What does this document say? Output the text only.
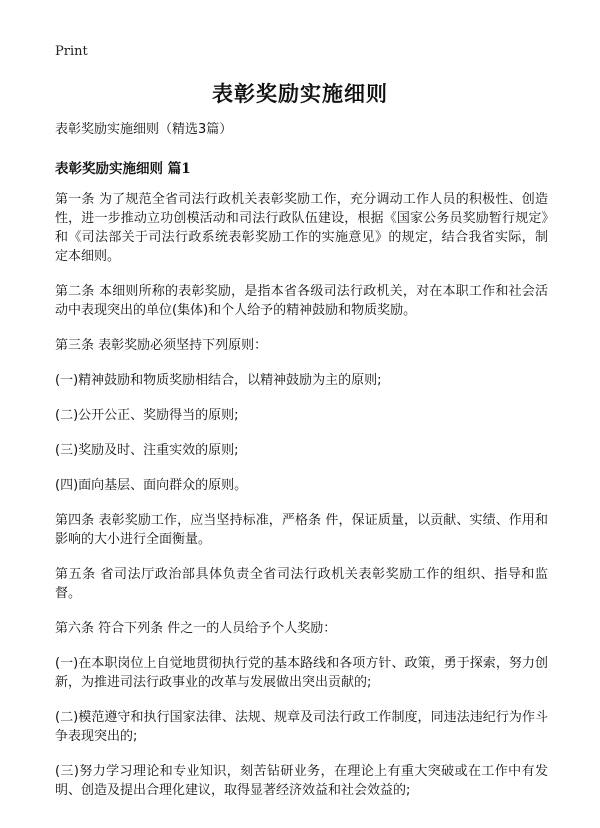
Print
表彰奖励实施细则

表彰奖励实施细则（精选3篇）

表彰奖励实施细则 篇1

第一条 为了规范全省司法行政机关表彰奖励工作，充分调动工作人员的积极性、创造性，进一步推动立功创模活动和司法行政队伍建设，根据《国家公务员奖励暂行规定》和《司法部关于司法行政系统表彰奖励工作的实施意见》的规定，结合我省实际，制定本细则。

第二条 本细则所称的表彰奖励，是指本省各级司法行政机关，对在本职工作和社会活动中表现突出的单位(集体)和个人给予的精神鼓励和物质奖励。

第三条 表彰奖励必须坚持下列原则：

(一)精神鼓励和物质奖励相结合，以精神鼓励为主的原则;

(二)公开公正、奖励得当的原则;

(三)奖励及时、注重实效的原则;

(四)面向基层、面向群众的原则。

第四条 表彰奖励工作，应当坚持标准，严格条 件，保证质量，以贡献、实绩、作用和影响的大小进行全面衡量。

第五条 省司法厅政治部具体负责全省司法行政机关表彰奖励工作的组织、指导和监督。

第六条 符合下列条 件之一的人员给予个人奖励：

(一)在本职岗位上自觉地贯彻执行党的基本路线和各项方针、政策，勇于探索，努力创新，为推进司法行政事业的改革与发展做出突出贡献的;

(二)模范遵守和执行国家法律、法规、规章及司法行政工作制度，同违法违纪行为作斗争表现突出的;

(三)努力学习理论和专业知识，刻苦钻研业务，在理论上有重大突破或在工作中有发明、创造及提出合理化建议，取得显著经济效益和社会效益的;
